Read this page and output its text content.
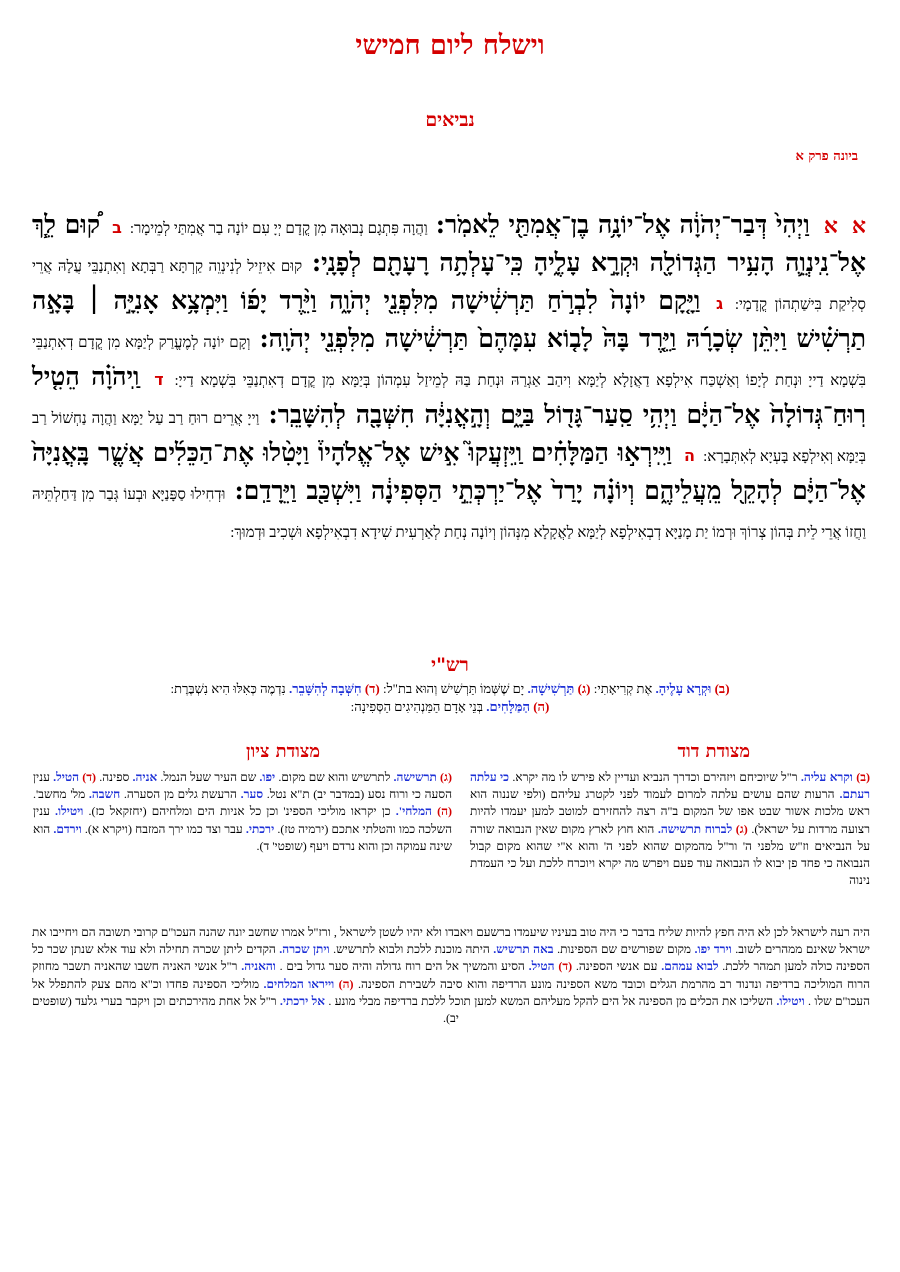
וישלח ליום חמישי
נביאים
ביונה פרק א
א א וַיְהִי֙ דְּבַר־יְהֹוָ֔ה אֶל־יוֹנָ֥ה בֶן־אֲמִתַּ֖י לֵאמֹֽר: וַהֲוָה פִּתְגָם נְבוּאָה מִן קֳדָם יְיָ עִם יוֹנָה בַר אֲמִתַּי לְמֵימָר: ב ק֠וּם לֵ֧ךְ אֶל־נִֽינְוֵ֛ה הָעִ֥יר הַגְּדוֹלָ֖ה וּקְרָ֣א עָלֶ֑יהָ כִּֽי־עָלְתָ֥ה רָעָתָ֖ם לְפָנָֽי: קוּם אִיזֵיל לְנִינְוֵה קַרְתָּא רַבְּתָא וְאִתְנַבֵּי עֲלָהּ אֲרֵי סְלִיקַת בִּישַׁתְהוֹן קֳדָמָי: ג וַיָּ֤קָם יוֹנָה֙ לִבְרֹ֣חַ תַּרְשִׁ֔ישָׁה מִלִּפְנֵ֖י יְהֹוָ֑ה וַיֵּ֨רֶד יָפ֜וֹ וַיִּמְצָ֥א אָנִיָּ֣ה ׀ בָּאָ֣ה תַרְשִׁ֗ישׁ וַיִּתֵּ֨ן שְׂכָרָ֜הּ וַיֵּ֤רֶד בָּהּ֙ לָב֤וֹא עִמָּהֶם֙ תַּרְשִׁ֔ישָׁה מִלִּפְנֵ֖י יְהֹוָֽה: וְקָם יוֹנָה לְמֶעֱרַק לְיַמָּא מִן קֳדָם דְאִתְנַבֵּי בִּשְׁמָא דַייָ וּנְחַת לְיָפוֹ וְאַשְׁכַּח אִילְפָא דַאֲזָלָא לְיַמָּא וִיהַב אַגְרַהּ וּנְחַת בַּהּ לְמֵיזַל עִמְהוֹן בְּיַמָּא מִן קֳדָם דְאִתְנַבֵּי בִּשְׁמָא דַייָ: ד וַֽיהֹוָ֗ה הֵטִ֤יל רֽוּחַ־גְּדוֹלָה֙ אֶל־הַיָּ֔ם וַיְהִ֥י סַֽעַר־גָּד֖וֹל בַּיָּ֑ם וְהָ֣אֳנִיָּ֔ה חִשְּׁבָ֖ה לְהִשָּׁבֵֽר: וַייָ אֲרֵים רוּחַ רַב עַל יַמָּא וַהֲוָה נַחְשׁוֹל רַב בְּיַמָּא וְאִילְפָא בָּעְיָא לְאִתְּבָרָא: ה וַיִּֽירְא֣וּ הַמַּלָּחִ֗ים וַֽיִּזְעֲקוּ֮ אִ֣ישׁ אֶל־אֱלֹהָיו֒ וַיָּטִ֨לוּ אֶת־הַכֵּלִ֜ים אֲשֶׁ֤ר בָּֽאֳנִיָּה֙ אֶל־הַיָּ֔ם לְהָקֵ֖ל מֵֽעֲלֵיהֶ֑ם וְיוֹנָ֗ה יָרַד֙ אֶל־יַרְכְּתֵ֣י הַסְּפִינָ֔ה וַיִּשְׁכַּ֖ב וַיֵּרָדַֽם: וּדְחִילוּ סַפָּנַיָּא וּבְעוֹ גְּבַר מִן דַּחַלְתֵּיהּ וַחֲזוֹ אֲרֵי לֵית בְּהוֹן צְרוֹךְ וּרְמוֹ יַת מָנַיָּא דְבְאִילְפָא לְיַמָּא לַאֲקָלָא מִנְּהוֹן וְיוֹנָה נְחַת לְאַרְעִית שִׁידָא דִבְאִילְפָא וּשְׁכִיב וּדְמוּךְ:
רש"י
(ב) וּקְרָא עָלֶיהָ. אֶת קְרִיאָתִי: (ג) תַּרְשִׁישָׁה. יָם שֶׁשְּׁמוֹ תַּרְשִׁישׁ וְהוּא בת"ל: (ד) חִשְּׁבָה לְהִשָּׁבֵר. נִדְמֶה כְּאִלּוּ הִיא נִשְׁבֶּרֶת:
(ה) הַמַּלָּחִים. בְּנֵי אָדָם הַמַּנְהִיגִים הַסְּפִינָה:
מצודת דוד
מצודת ציון
(ב) וקרא עליה. ר"ל שיוכיחם ויזהירם וכדרך הנביא ועדיין לא פירש לו מה יקרא. כי עלתה רעתם. הרעות שהם עושים עלתה למרום לעמוד לפני לקטרג עליהם (ולפי שננוה הוא ראש מלכות אשור שבט אפו של המקום ב"ה רצה להחזירם למוטב למען יעמדו להיות רצועה מרדות על ישראל). (ג) לברוח תרשישה. הוא חוץ לארץ מקום שאין הנבואה שורה על הנביאים וז"ש מלפני ה' ור"ל מהמקום שהוא לפני ה' והוא א"י שהוא מקום קבול הנבואה כי פחד פן יבוא לו הנבואה עוד פעם ויפרש מה יקרא ויוכרח ללכת ועל כי העמדת נינוה
(ג) תרשישה. לתרשיש והוא שם מקום. יפו. שם העיר שעל הנמל. אניה. ספינה. (ד) הטיל. ענין הסעה כי ורוח נסע (במדבר יב) ת"א נטל. סער. הרעשת גלים מן הסערה. חשבה. מל' מחשב'. (ה) המלחי'. כן יקראו מוליכי הספינ' וכן כל אניות הים ומלחיהם (יחזקאל כז). ויטילו. ענין השלכה כמו והטלתי אתכם (ירמיה טז). ירכתי. עבר וצד כמו ירך המזבח (ויקרא א). וירדם. הוא שינה עמוקה וכן והוא נרדם ויעף (שופטי' ד).
היה רעה לישראל לכן לא היה חפץ להיות שליח בדבר כי היה טוב בעיניו שיעמדו ברשעם ויאבדו ולא יהיו לשטן לישראל , ורז"ל אמרו שחשב יונה שהנה העכו"ם קרובי תשובה הם ויחייבו את ישראל שאינם ממהרים לשוב. וירד יפו. מקום שפורשים שם הספינות. באה תרשיש. היתה מוכנת ללכת ולבוא לתרשיש. ויתן שכרה. הקדים ליתן שכרה תחילה ולא עוד אלא שנתן שכר כל הספינה כולה למען תמהר ללכת. לבוא עמהם. עם אנשי הספינה. (ד) הטיל. הסיע והמשיך אל הים רוח גדולה והיה סער גדול בים . והאניה. ר"ל אנשי האניה חשבו שהאניה תשבר מחוזק הרוח המוליכה ברדיפה ונדנוד רב מהרמת הגלים וכובד משא הספינה מונע הרדיפה והוא סיבה לשבירת הספינה. (ה) וייראו המלחים. מוליכי הספינה פחדו וכ"א מהם צעק להתפלל אל העכו"ם שלו . ויטילו. השליכו את הכלים מן הספינה אל הים להקל מעליהם המשא למען תוכל ללכת ברדיפה מבלי מונע . אל ירכתי. ר"ל אל אחת מהירכתים וכן ויקבר בערי גלעד (שופטים יב).
